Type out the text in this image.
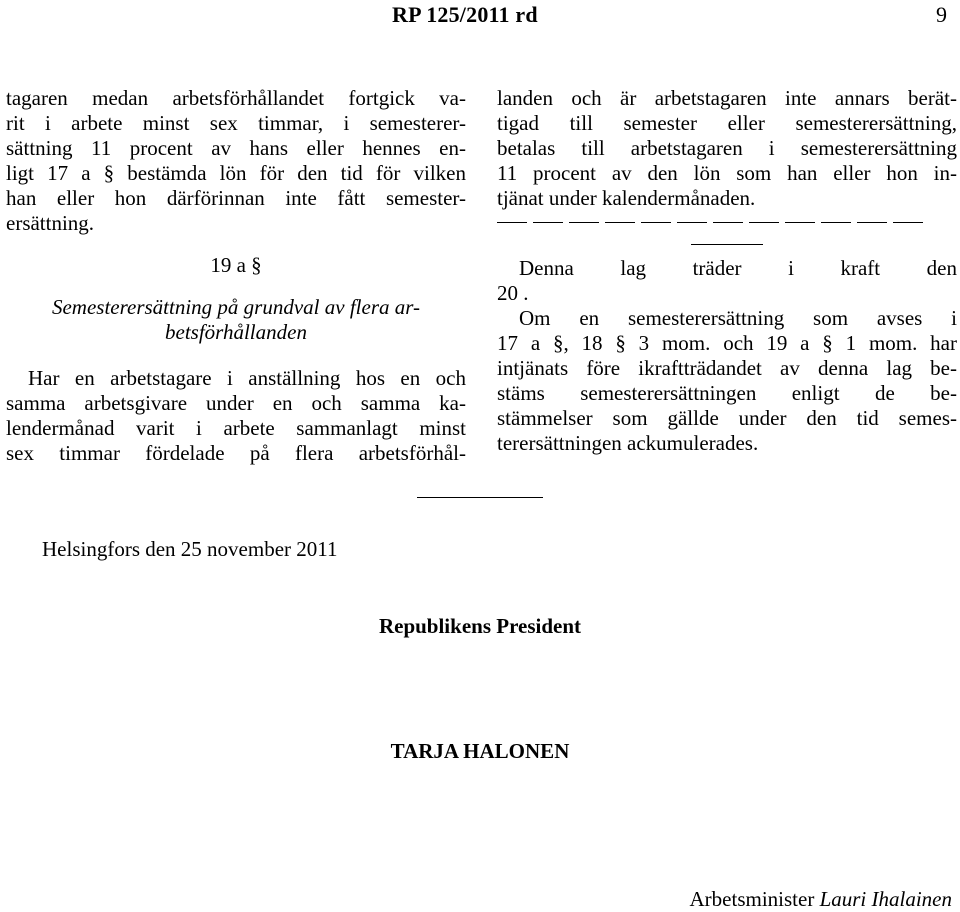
RP 125/2011 rd	9
tagaren medan arbetsförhållandet fortgick va-
rit i arbete minst sex timmar, i semesterer-
sättning 11 procent av hans eller hennes en-
ligt 17 a § bestämda lön för den tid för vilken
han eller hon därförinnan inte fått semester-
ersättning.
19 a §
Semesterersättning på grundval av flera ar-
betsförhållanden
Har en arbetstagare i anställning hos en och
samma arbetsgivare under en och samma ka-
lendermånad varit i arbete sammanlagt minst
sex timmar fördelade på flera arbetsförhål-
landen och är arbetstagaren inte annars berät-
tigad till semester eller semesterersättning,
betalas till arbetstagaren i semesterersättning
11 procent av den lön som han eller hon in-
tjänat under kalendermånaden.
Denna lag träder i kraft den
20 .
Om en semesterersättning som avses i
17 a §, 18 § 3 mom. och 19 a § 1 mom. har
intjänats före ikraftträdandet av denna lag be-
stäms semesterersättningen enligt de be-
stämmelser som gällde under den tid semes-
terersättningen ackumulerades.
Helsingfors den 25 november 2011
Republikens President
TARJA HALONEN
Arbetsminister Lauri Ihalainen
